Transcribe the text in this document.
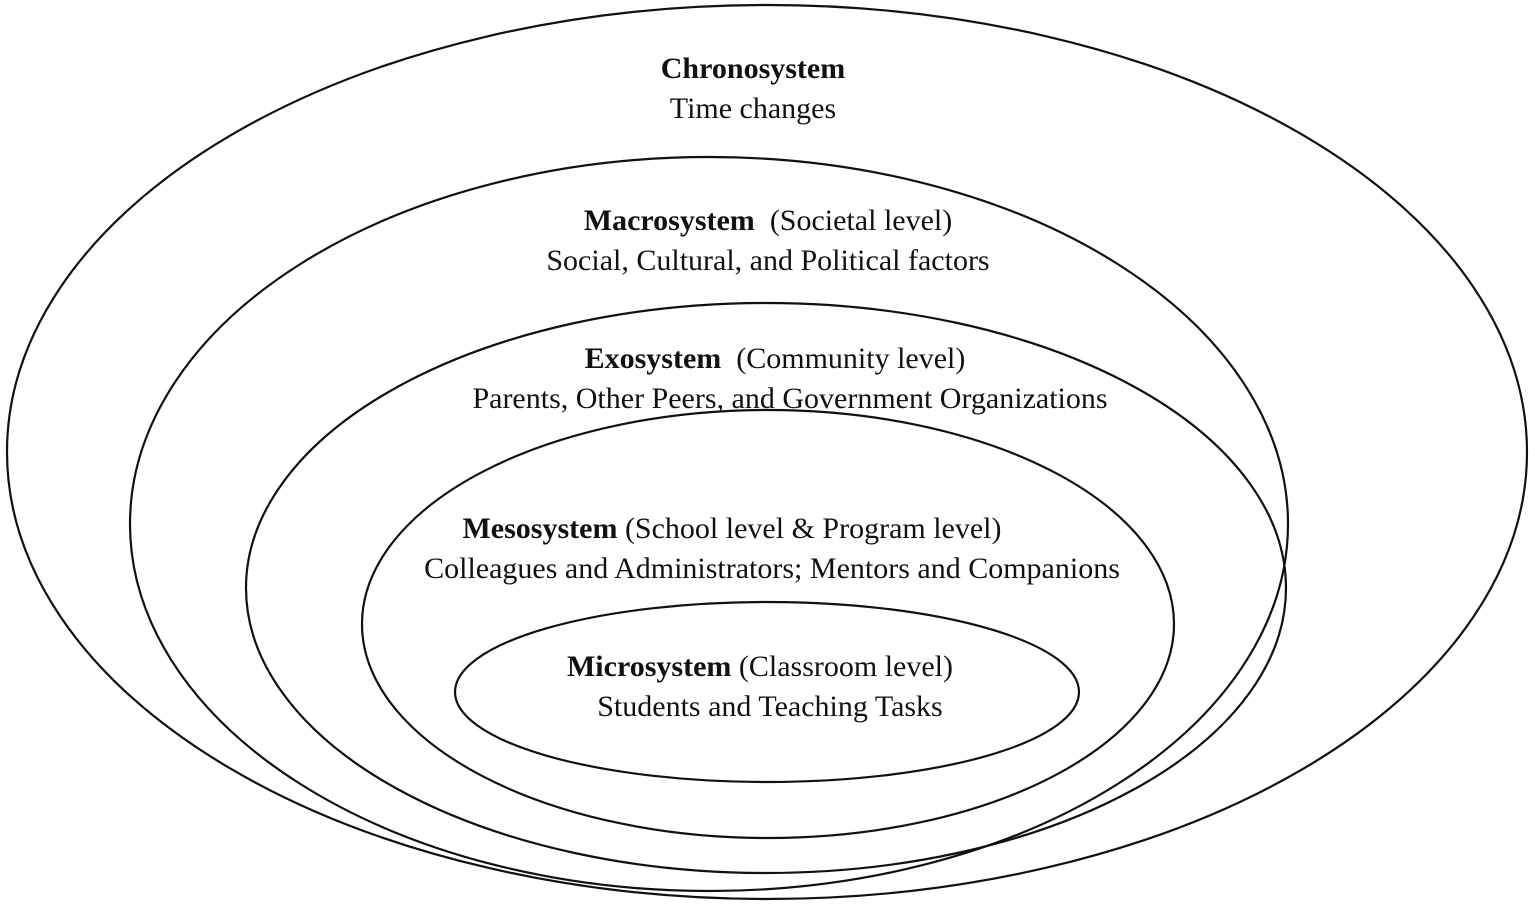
Chronosystem
Time changes
Macrosystem (Societal level)
Social, Cultural, and Political factors
Exosystem (Community level)
Parents, Other Peers, and Government Organizations
Mesosystem (School level & Program level)
Colleagues and Administrators; Mentors and Companions
Microsystem (Classroom level)
Students and Teaching Tasks
